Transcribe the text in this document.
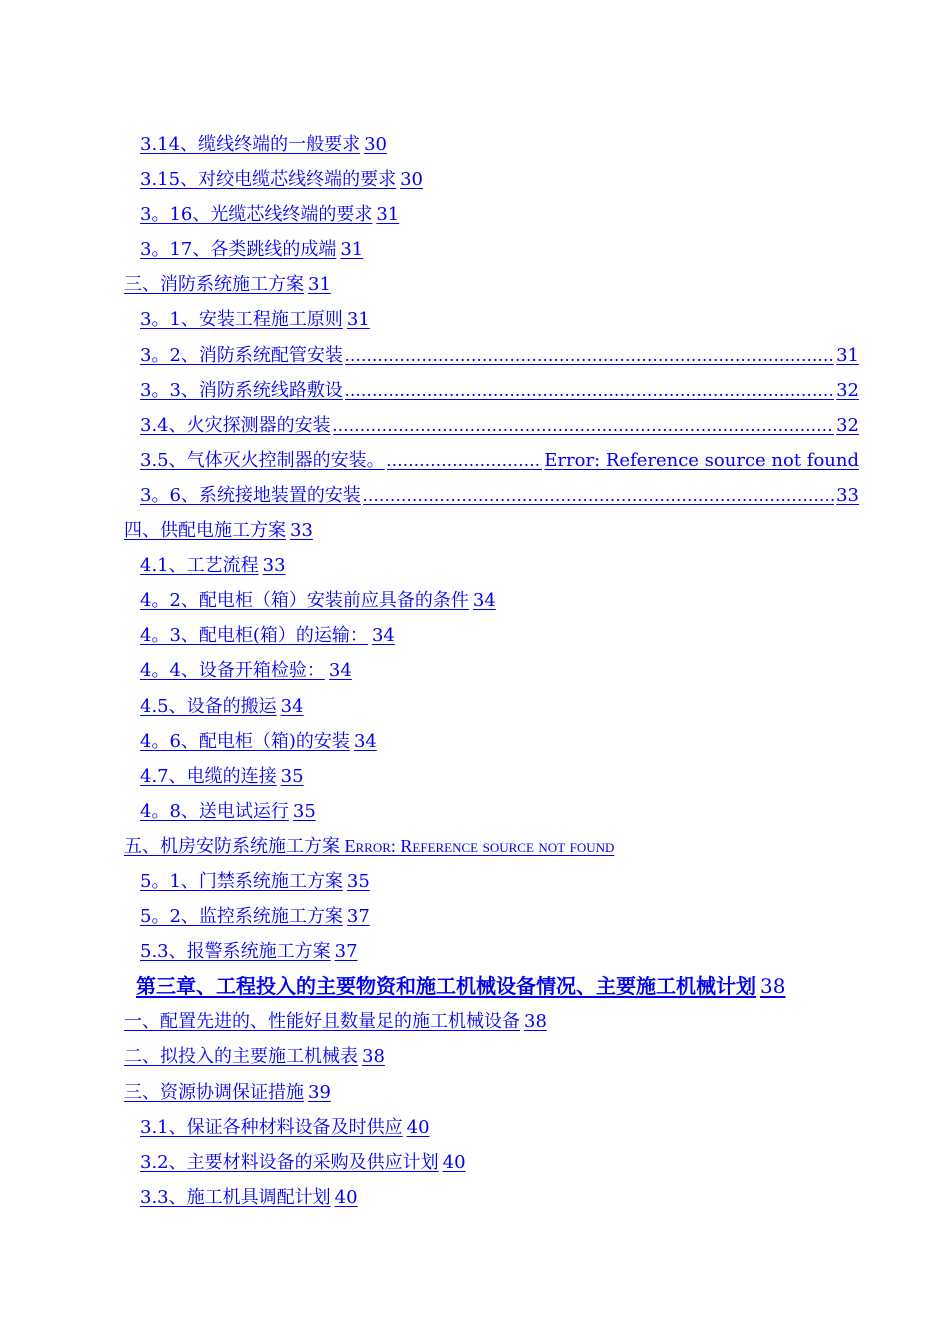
3.14、缆线终端的一般要求 30
3.15、对绞电缆芯线终端的要求 30
3。16、光缆芯线终端的要求 31
3。17、各类跳线的成端 31
三、消防系统施工方案 31
3。1、安装工程施工原则 31
3。2、消防系统配管安装 .....	31
3。3、消防系统线路敷设 .....	32
3.4、火灾探测器的安装 .....	32
3.5、气体灭火控制器的安装。 .....	Error: Reference source not found
3。6、系统接地装置的安装 .....	33
四、供配电施工方案 33
4.1、工艺流程 33
4。2、配电柜（箱）安装前应具备的条件 34
4。3、配电柜(箱）的运输： 34
4。4、设备开箱检验： 34
4.5、设备的搬运 34
4。6、配电柜（箱)的安装 34
4.7、电缆的连接 35
4。8、送电试运行 35
五、机房安防系统施工方案 Error: Reference source not found
5。1、门禁系统施工方案 35
5。2、监控系统施工方案 37
5.3、报警系统施工方案 37
第三章、工程投入的主要物资和施工机械设备情况、主要施工机械计划 38
一、配置先进的、性能好且数量足的施工机械设备 38
二、拟投入的主要施工机械表 38
三、资源协调保证措施 39
3.1、保证各种材料设备及时供应 40
3.2、主要材料设备的采购及供应计划 40
3.3、施工机具调配计划 40
